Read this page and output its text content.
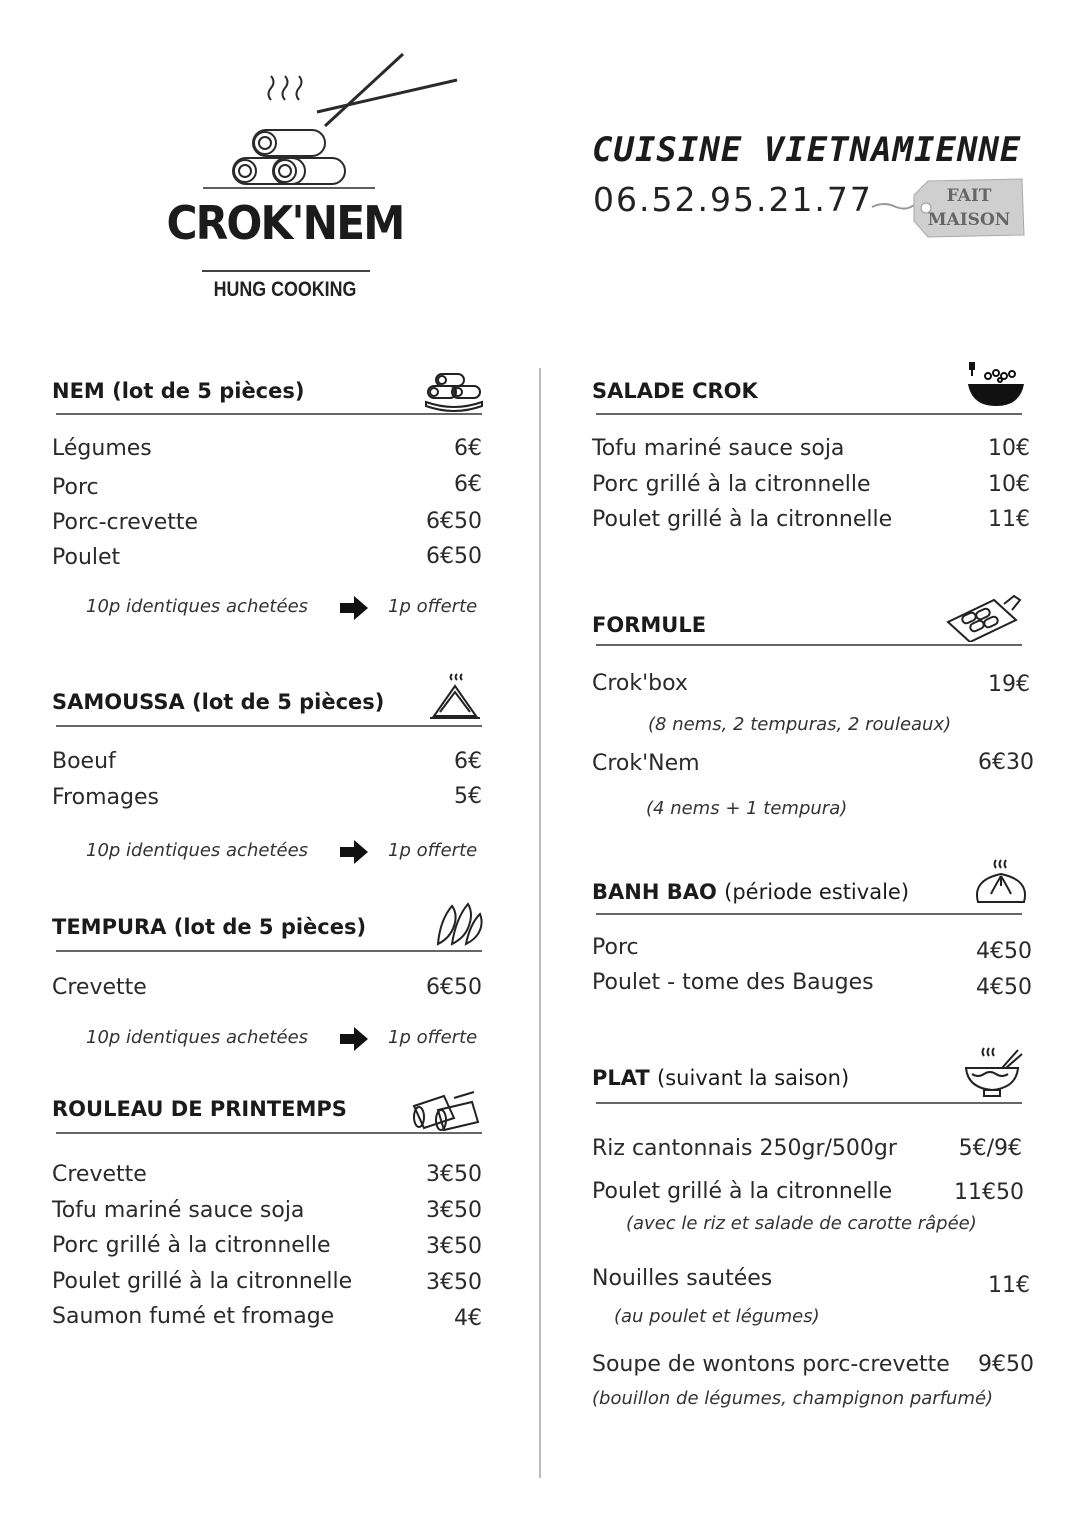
CROK'NEM
HUNG COOKING
CUISINE VIETNAMIENNE
06.52.95.21.77	FAIT
MAISON
NEM (lot de 5 pièces)
Légumes	6€
Porc	6€
Porc-crevette	6€50
Poulet	6€50
10p identiques achetées	1p offerte
SAMOUSSA (lot de 5 pièces)
Boeuf	6€
Fromages	5€
10p identiques achetées	1p offerte
TEMPURA (lot de 5 pièces)
Crevette	6€50
10p identiques achetées	1p offerte
ROULEAU DE PRINTEMPS
Crevette	3€50
Tofu mariné sauce soja	3€50
Porc grillé à la citronnelle	3€50
Poulet grillé à la citronnelle	3€50
Saumon fumé et fromage	4€
SALADE CROK
Tofu mariné sauce soja	10€
Porc grillé à la citronnelle	10€
Poulet grillé à la citronnelle	11€
FORMULE
Crok'box	19€
(8 nems, 2 tempuras, 2 rouleaux)
Crok'Nem	6€30
(4 nems + 1 tempura)
BANH BAO (période estivale)
Porc	4€50
Poulet - tome des Bauges	4€50
PLAT (suivant la saison)
Riz cantonnais 250gr/500gr	5€/9€
Poulet grillé à la citronnelle	11€50
(avec le riz et salade de carotte râpée)
Nouilles sautées	11€
(au poulet et légumes)
Soupe de wontons porc-crevette	9€50
(bouillon de légumes, champignon parfumé)
